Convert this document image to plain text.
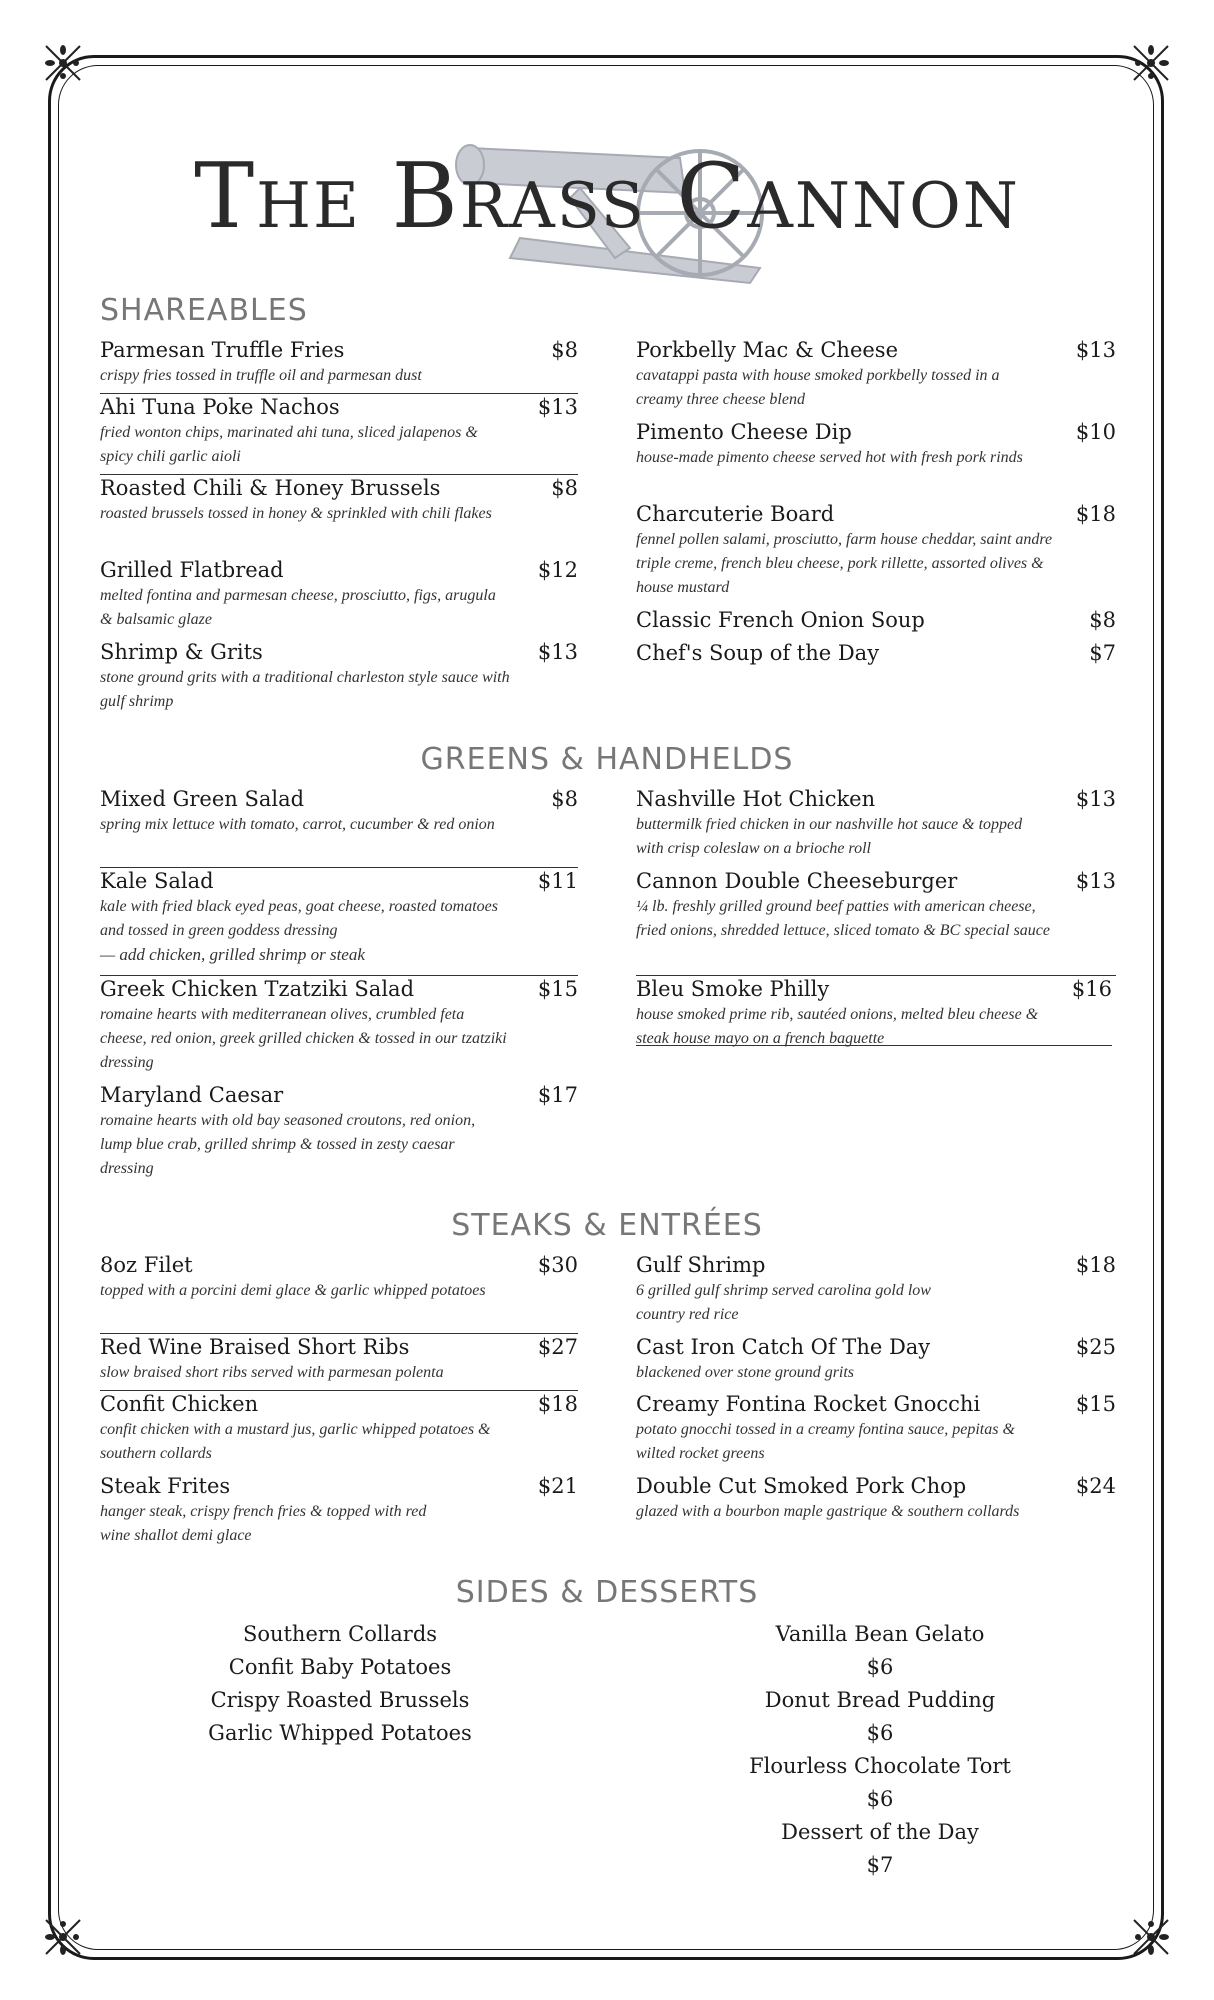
The Brass Cannon
SHAREABLES
Parmesan Truffle Fries	$8
crispy fries tossed in truffle oil and parmesan dust
Ahi Tuna Poke Nachos	$13
fried wonton chips, marinated ahi tuna, sliced jalapenos & spicy chili garlic aioli
Roasted Chili & Honey Brussels	$8
roasted brussels tossed in honey & sprinkled with chili flakes
Grilled Flatbread	$12
melted fontina and parmesan cheese, prosciutto, figs, arugula & balsamic glaze
Shrimp & Grits	$13
stone ground grits with a traditional charleston style sauce with gulf shrimp
Porkbelly Mac & Cheese	$13
cavatappi pasta with house smoked porkbelly tossed in a creamy three cheese blend
Pimento Cheese Dip	$10
house-made pimento cheese served hot with fresh pork rinds
Charcuterie Board	$18
fennel pollen salami, prosciutto, farm house cheddar, saint andre triple creme, french bleu cheese, pork rillette, assorted olives & house mustard
Classic French Onion Soup	$8
Chef's Soup of the Day	$7
GREENS & HANDHELDS
Mixed Green Salad	$8
spring mix lettuce with tomato, carrot, cucumber & red onion
Kale Salad	$11
kale with fried black eyed peas, goat cheese, roasted tomatoes and tossed in green goddess dressing
— add chicken, grilled shrimp or steak
Greek Chicken Tzatziki Salad	$15
romaine hearts with mediterranean olives, crumbled feta cheese, red onion, greek grilled chicken & tossed in our tzatziki dressing
Maryland Caesar	$17
romaine hearts with old bay seasoned croutons, red onion, lump blue crab, grilled shrimp & tossed in zesty caesar dressing
Nashville Hot Chicken	$13
buttermilk fried chicken in our nashville hot sauce & topped with crisp coleslaw on a brioche roll
Cannon Double Cheeseburger	$13
¼ lb. freshly grilled ground beef patties with american cheese, fried onions, shredded lettuce, sliced tomato & BC special sauce
Bleu Smoke Philly	$16
house smoked prime rib, sautéed onions, melted bleu cheese & steak house mayo on a french baguette
STEAKS & ENTRÉES
8oz Filet	$30
topped with a porcini demi glace & garlic whipped potatoes
Red Wine Braised Short Ribs	$27
slow braised short ribs served with parmesan polenta
Confit Chicken	$18
confit chicken with a mustard jus, garlic whipped potatoes & southern collards
Steak Frites	$21
hanger steak, crispy french fries & topped with red wine shallot demi glace
Gulf Shrimp	$18
6 grilled gulf shrimp served carolina gold low country red rice
Cast Iron Catch Of The Day	$25
blackened over stone ground grits
Creamy Fontina Rocket Gnocchi	$15
potato gnocchi tossed in a creamy fontina sauce, pepitas & wilted rocket greens
Double Cut Smoked Pork Chop	$24
glazed with a bourbon maple gastrique & southern collards
SIDES & DESSERTS
Southern Collards
Confit Baby Potatoes
Crispy Roasted Brussels
Garlic Whipped Potatoes
Vanilla Bean Gelato
$6
Donut Bread Pudding
$6
Flourless Chocolate Tort
$6
Dessert of the Day
$7
